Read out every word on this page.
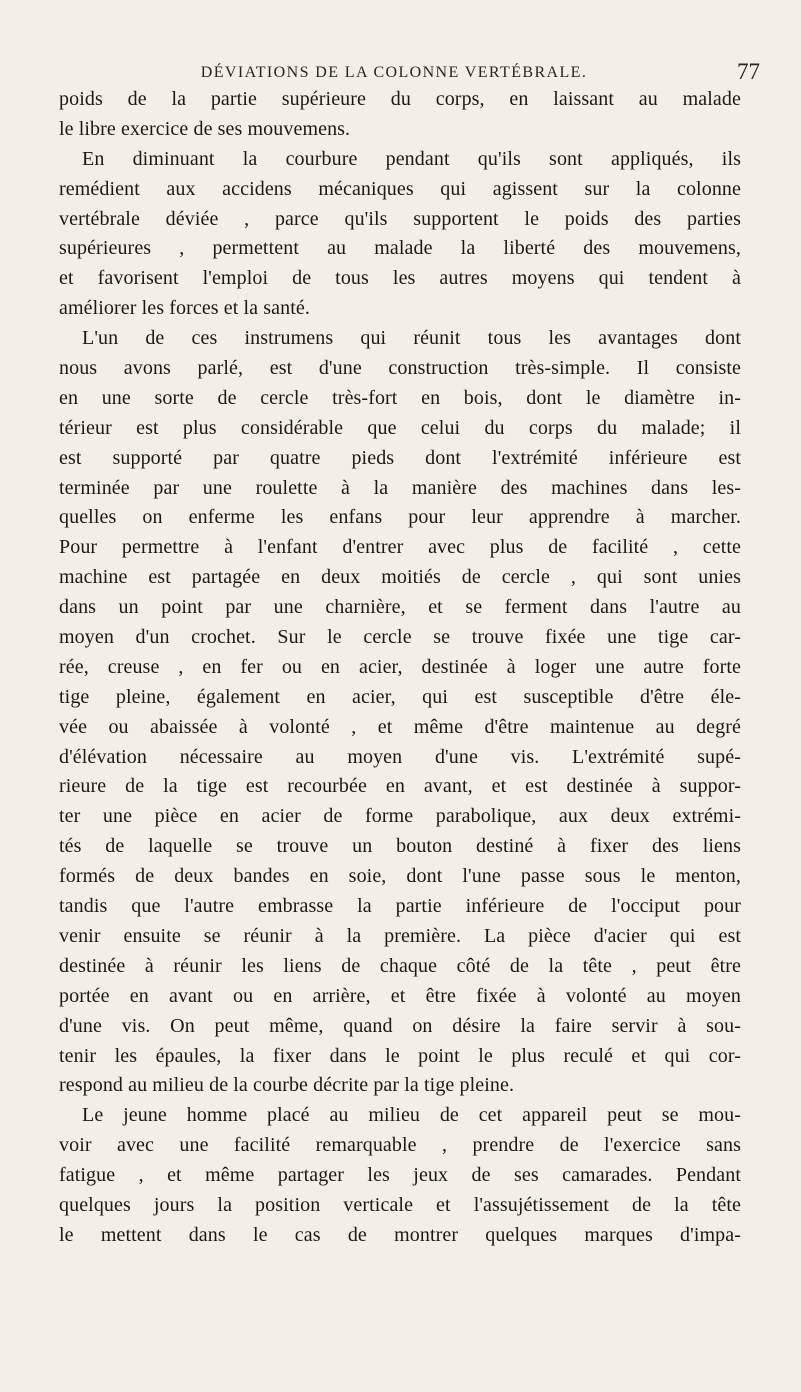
DÉVIATIONS DE LA COLONNE VERTÉBRALE.	77
poids de la partie supérieure du corps, en laissant au malade
le libre exercice de ses mouvemens.
En diminuant la courbure pendant qu'ils sont appliqués, ils
remédient aux accidens mécaniques qui agissent sur la colonne
vertébrale déviée , parce qu'ils supportent le poids des parties
supérieures , permettent au malade la liberté des mouvemens,
et favorisent l'emploi de tous les autres moyens qui tendent à
améliorer les forces et la santé.
L'un de ces instrumens qui réunit tous les avantages dont
nous avons parlé, est d'une construction très-simple. Il consiste
en une sorte de cercle très-fort en bois, dont le diamètre in-
térieur est plus considérable que celui du corps du malade; il
est supporté par quatre pieds dont l'extrémité inférieure est
terminée par une roulette à la manière des machines dans les-
quelles on enferme les enfans pour leur apprendre à marcher.
Pour permettre à l'enfant d'entrer avec plus de facilité , cette
machine est partagée en deux moitiés de cercle , qui sont unies
dans un point par une charnière, et se ferment dans l'autre au
moyen d'un crochet. Sur le cercle se trouve fixée une tige car-
rée, creuse , en fer ou en acier, destinée à loger une autre forte
tige pleine, également en acier, qui est susceptible d'être éle-
vée ou abaissée à volonté , et même d'être maintenue au degré
d'élévation nécessaire au moyen d'une vis. L'extrémité supé-
rieure de la tige est recourbée en avant, et est destinée à suppor-
ter une pièce en acier de forme parabolique, aux deux extrémi-
tés de laquelle se trouve un bouton destiné à fixer des liens
formés de deux bandes en soie, dont l'une passe sous le menton,
tandis que l'autre embrasse la partie inférieure de l'occiput pour
venir ensuite se réunir à la première. La pièce d'acier qui est
destinée à réunir les liens de chaque côté de la tête , peut être
portée en avant ou en arrière, et être fixée à volonté au moyen
d'une vis. On peut même, quand on désire la faire servir à sou-
tenir les épaules, la fixer dans le point le plus reculé et qui cor-
respond au milieu de la courbe décrite par la tige pleine.
Le jeune homme placé au milieu de cet appareil peut se mou-
voir avec une facilité remarquable , prendre de l'exercice sans
fatigue , et même partager les jeux de ses camarades. Pendant
quelques jours la position verticale et l'assujétissement de la tête
le mettent dans le cas de montrer quelques marques d'impa-
